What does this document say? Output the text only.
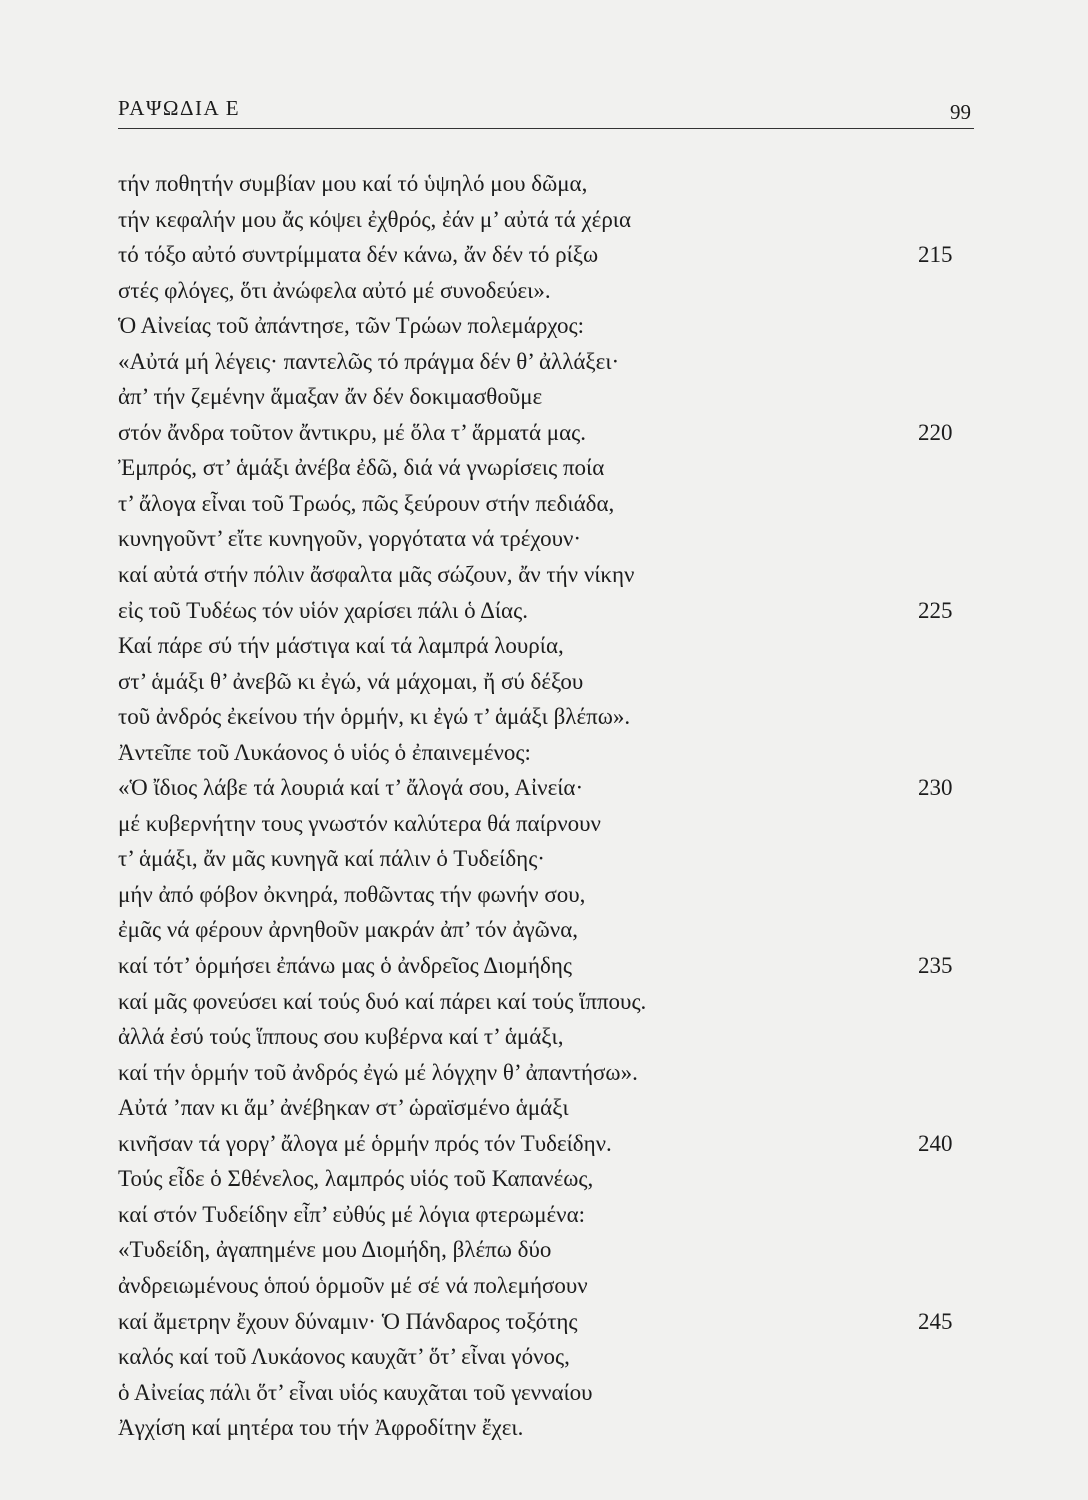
ΡΑΨΩΔΙΑ Ε	99
τήν ποθητήν συμβίαν μου καί τό ὑψηλό μου δῶμα,
τήν κεφαλήν μου ἄς κόψει ἐχθρός, ἐάν μ’ αὐτά τά χέρια
τό τόξο αὐτό συντρίμματα δέν κάνω, ἄν δέν τό ρίξω	215
στές φλόγες, ὅτι ἀνώφελα αὐτό μέ συνοδεύει».
Ὁ Αἰνείας τοῦ ἀπάντησε, τῶν Τρώων πολεμάρχος:
«Αὐτά μή λέγεις· παντελῶς τό πράγμα δέν θ’ ἀλλάξει·
ἀπ’ τήν ζεμένην ἅμαξαν ἄν δέν δοκιμασθοῦμε
στόν ἄνδρα τοῦτον ἄντικρυ, μέ ὅλα τ’ ἅρματά μας.	220
Ἐμπρός, στ’ ἁμάξι ἀνέβα ἐδῶ, διά νά γνωρίσεις ποία
τ’ ἄλογα εἶναι τοῦ Τρωός, πῶς ξεύρουν στήν πεδιάδα,
κυνηγοῦντ’ εἴτε κυνηγοῦν, γοργότατα νά τρέχουν·
καί αὐτά στήν πόλιν ἄσφαλτα μᾶς σώζουν, ἄν τήν νίκην
εἰς τοῦ Τυδέως τόν υἱόν χαρίσει πάλι ὁ Δίας.	225
Καί πάρε σύ τήν μάστιγα καί τά λαμπρά λουρία,
στ’ ἁμάξι θ’ ἀνεβῶ κι ἐγώ, νά μάχομαι, ἤ σύ δέξου
τοῦ ἀνδρός ἐκείνου τήν ὁρμήν, κι ἐγώ τ’ ἁμάξι βλέπω».
Ἀντεῖπε τοῦ Λυκάονος ὁ υἱός ὁ ἐπαινεμένος:
«Ὁ ἴδιος λάβε τά λουριά καί τ’ ἄλογά σου, Αἰνεία·	230
μέ κυβερνήτην τους γνωστόν καλύτερα θά παίρνουν
τ’ ἁμάξι, ἄν μᾶς κυνηγᾶ καί πάλιν ὁ Τυδείδης·
μήν ἀπό φόβον ὀκνηρά, ποθῶντας τήν φωνήν σου,
ἐμᾶς νά φέρουν ἀρνηθοῦν μακράν ἀπ’ τόν ἀγῶνα,
καί τότ’ ὁρμήσει ἐπάνω μας ὁ ἀνδρεῖος Διομήδης	235
καί μᾶς φονεύσει καί τούς δυό καί πάρει καί τούς ἵππους.
ἀλλά ἐσύ τούς ἵππους σου κυβέρνα καί τ’ ἁμάξι,
καί τήν ὁρμήν τοῦ ἀνδρός ἐγώ μέ λόγχην θ’ ἀπαντήσω».
Αὐτά ’παν κι ἅμ’ ἀνέβηκαν στ’ ὡραϊσμένο ἁμάξι
κινῆσαν τά γοργ’ ἄλογα μέ ὁρμήν πρός τόν Τυδείδην.	240
Τούς εἶδε ὁ Σθένελος, λαμπρός υἱός τοῦ Καπανέως,
καί στόν Τυδείδην εἶπ’ εὐθύς μέ λόγια φτερωμένα:
«Τυδείδη, ἀγαπημένε μου Διομήδη, βλέπω δύο
ἀνδρειωμένους ὁπού ὁρμοῦν μέ σέ νά πολεμήσουν
καί ἄμετρην ἔχουν δύναμιν· Ὁ Πάνδαρος τοξότης	245
καλός καί τοῦ Λυκάονος καυχᾶτ’ ὅτ’ εἶναι γόνος,
ὁ Αἰνείας πάλι ὅτ’ εἶναι υἱός καυχᾶται τοῦ γενναίου
Ἀγχίση καί μητέρα του τήν Ἀφροδίτην ἔχει.
